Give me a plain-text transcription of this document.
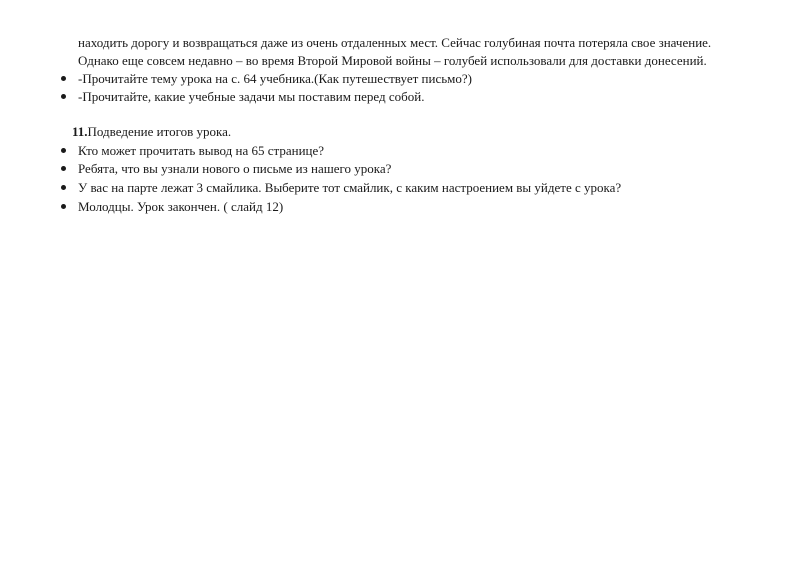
находить дорогу и возвращаться даже из очень отдаленных мест. Сейчас голубиная почта потеряла свое значение.
Однако еще совсем недавно – во время Второй Мировой войны – голубей использовали для доставки донесений.
-Прочитайте тему урока на с. 64 учебника.(Как путешествует письмо?)
-Прочитайте, какие учебные задачи мы поставим перед собой.
11.Подведение итогов урока.
Кто может прочитать вывод на 65 странице?
Ребята, что вы узнали нового о письме из нашего урока?
У вас на парте лежат 3 смайлика. Выберите тот смайлик, с каким настроением вы уйдете с урока?
Молодцы. Урок закончен. ( слайд 12)
